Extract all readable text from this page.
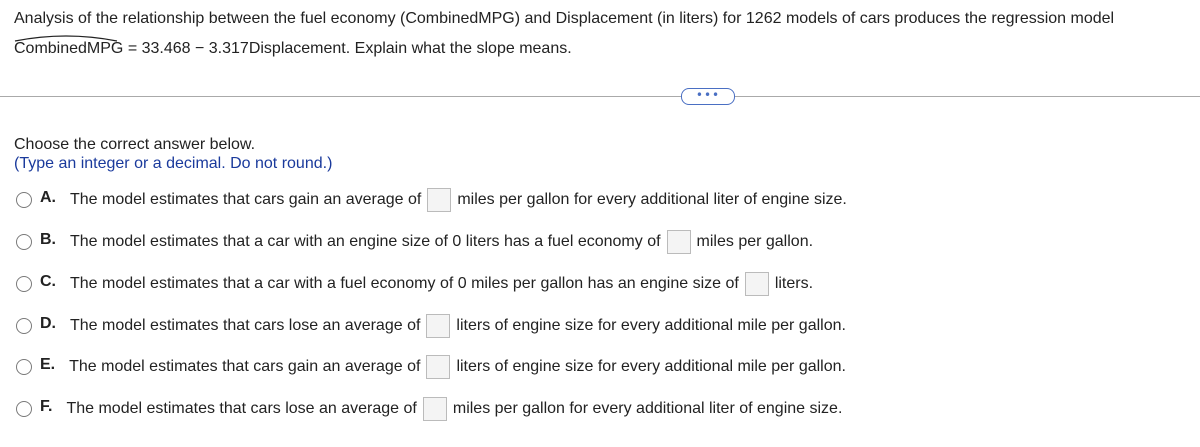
Analysis of the relationship between the fuel economy (CombinedMPG) and Displacement (in liters) for 1262 models of cars produces the regression model
CombinedMPG = 33.468 − 3.317Displacement. Explain what the slope means.
•••
Choose the correct answer below.
(Type an integer or a decimal. Do not round.)
A. The model estimates that cars gain an average of miles per gallon for every additional liter of engine size.
B. The model estimates that a car with an engine size of 0 liters has a fuel economy of miles per gallon.
C. The model estimates that a car with a fuel economy of 0 miles per gallon has an engine size of liters.
D. The model estimates that cars lose an average of liters of engine size for every additional mile per gallon.
E. The model estimates that cars gain an average of liters of engine size for every additional mile per gallon.
F. The model estimates that cars lose an average of miles per gallon for every additional liter of engine size.
